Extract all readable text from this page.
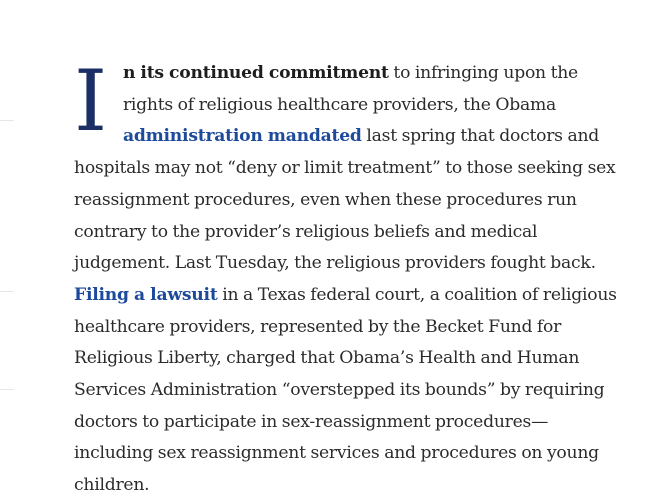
In its continued commitment to infringing upon the rights of religious healthcare providers, the Obama administration mandated last spring that doctors and hospitals may not “deny or limit treatment” to those seeking sex reassignment procedures, even when these procedures run contrary to the provider’s religious beliefs and medical judgement. Last Tuesday, the religious providers fought back. Filing a lawsuit in a Texas federal court, a coalition of religious healthcare providers, represented by the Becket Fund for Religious Liberty, charged that Obama’s Health and Human Services Administration “overstepped its bounds” by requiring doctors to participate in sex-reassignment procedures—including sex reassignment services and procedures on young children.
